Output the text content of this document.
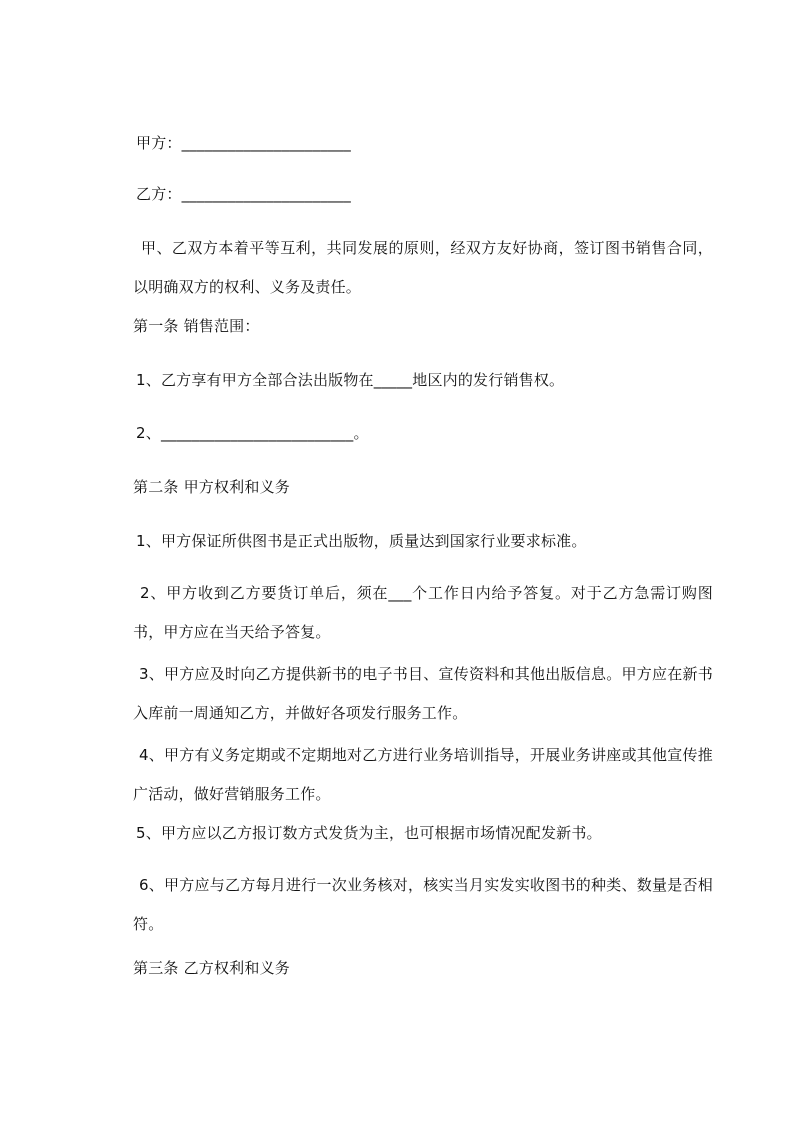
甲方：______________________
乙方：______________________
甲、乙双方本着平等互利，共同发展的原则，经双方友好协商，签订图书销售合同，以明确双方的权利、义务及责任。
第一条 销售范围：
1、乙方享有甲方全部合法出版物在_____地区内的发行销售权。
2、_________________________。
第二条 甲方权利和义务
1、甲方保证所供图书是正式出版物，质量达到国家行业要求标准。
2、甲方收到乙方要货订单后，须在___个工作日内给予答复。对于乙方急需订购图书，甲方应在当天给予答复。
3、甲方应及时向乙方提供新书的电子书目、宣传资料和其他出版信息。甲方应在新书入库前一周通知乙方，并做好各项发行服务工作。
4、甲方有义务定期或不定期地对乙方进行业务培训指导，开展业务讲座或其他宣传推广活动，做好营销服务工作。
5、甲方应以乙方报订数方式发货为主，也可根据市场情况配发新书。
6、甲方应与乙方每月进行一次业务核对，核实当月实发实收图书的种类、数量是否相符。
第三条 乙方权利和义务
